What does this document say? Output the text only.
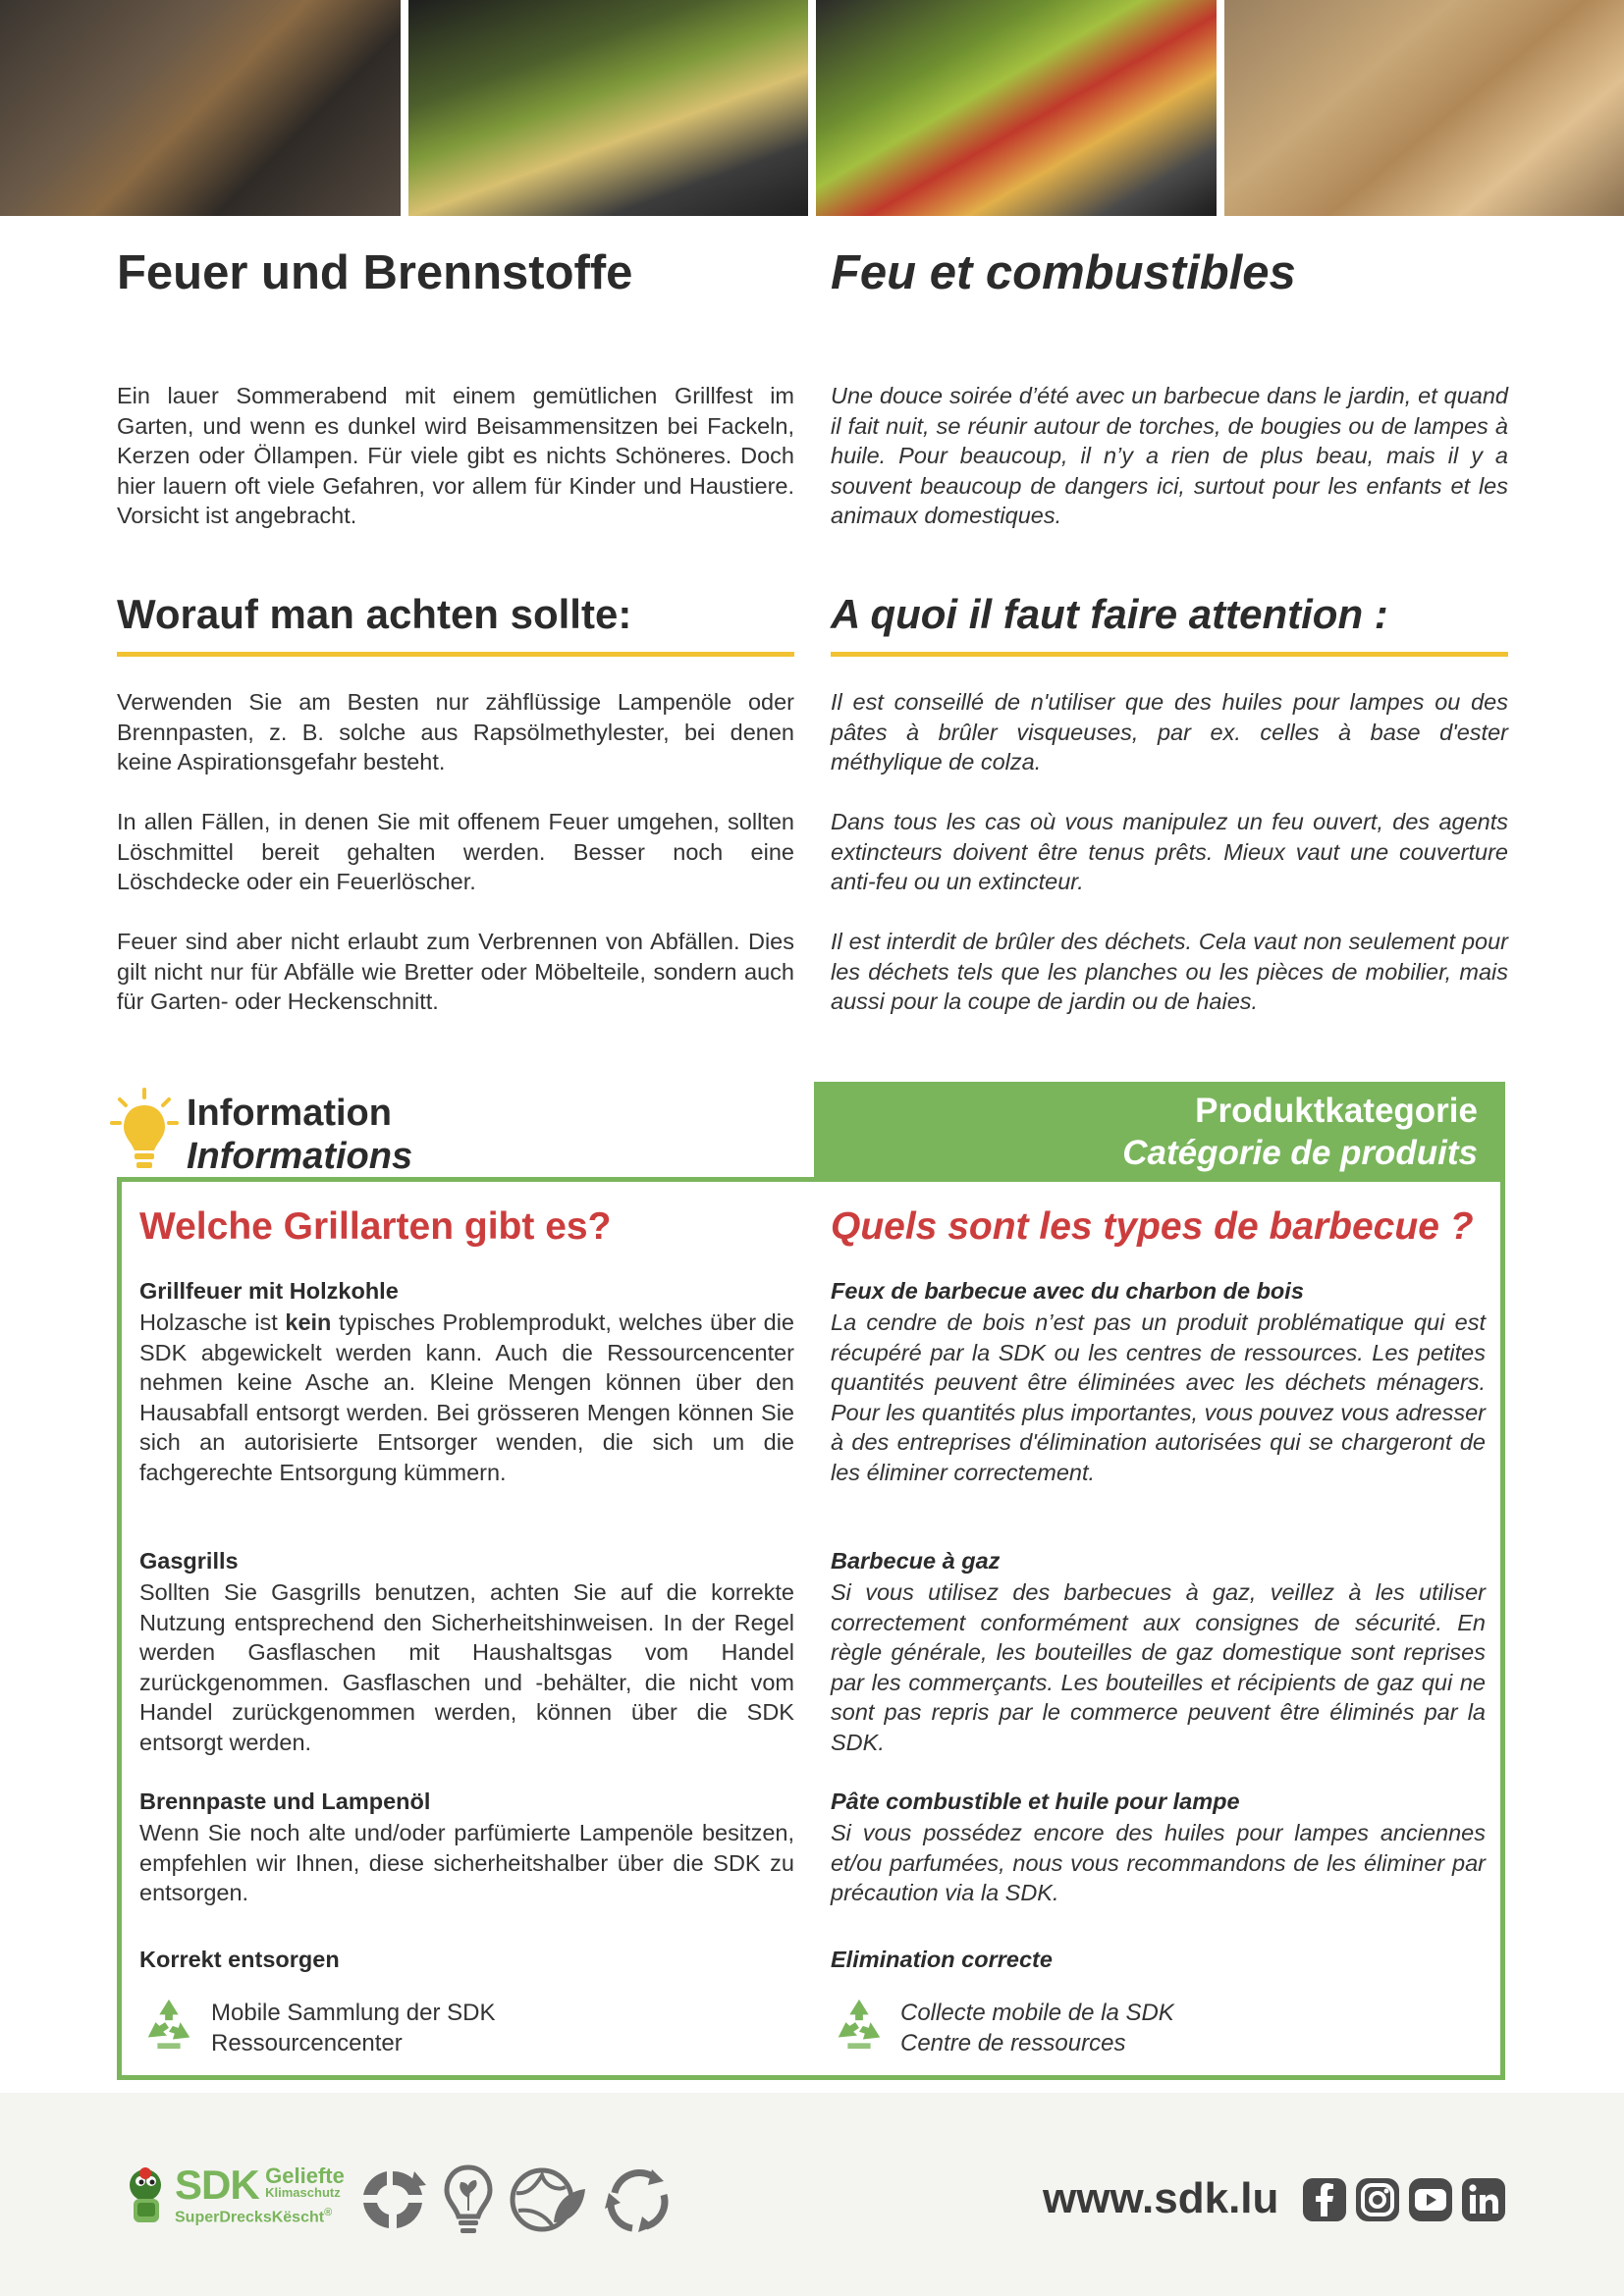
Feuer und Brennstoffe	Feu et combustibles

Ein lauer Sommerabend mit einem gemütlichen Grillfest im Garten, und wenn es dunkel wird Beisammensitzen bei Fackeln, Kerzen oder Öllampen. Für viele gibt es nichts Schöneres. Doch hier lauern oft viele Gefahren, vor allem für Kinder und Haustiere. Vorsicht ist angebracht.

Une douce soirée d’été avec un barbecue dans le jardin, et quand il fait nuit, se réunir autour de torches, de bougies ou de lampes à huile. Pour beaucoup, il n’y a rien de plus beau, mais il y a souvent beaucoup de dangers ici, surtout pour les enfants et les animaux domestiques.

Worauf man achten sollte:	A quoi il faut faire attention :

Verwenden Sie am Besten nur zähflüssige Lampenöle oder Brennpasten, z. B. solche aus Rapsölmethylester, bei denen keine Aspirationsgefahr besteht.

In allen Fällen, in denen Sie mit offenem Feuer umgehen, sollten Löschmittel bereit gehalten werden. Besser noch eine Löschdecke oder ein Feuerlöscher.

Feuer sind aber nicht erlaubt zum Verbrennen von Abfällen. Dies gilt nicht nur für Abfälle wie Bretter oder Möbelteile, sondern auch für Garten- oder Heckenschnitt.

Il est conseillé de n'utiliser que des huiles pour lampes ou des pâtes à brûler visqueuses, par ex. celles à base d'ester méthylique de colza.

Dans tous les cas où vous manipulez un feu ouvert, des agents extincteurs doivent être tenus prêts. Mieux vaut une couverture anti-feu ou un extincteur.

Il est interdit de brûler des déchets. Cela vaut non seulement pour les déchets tels que les planches ou les pièces de mobilier, mais aussi pour la coupe de jardin ou de haies.

Information
Informations
Produktkategorie
Catégorie de produits
Welche Grillarten gibt es?	Quels sont les types de barbecue ?
Grillfeuer mit Holzkohle

Holzasche ist kein typisches Problemprodukt, welches über die SDK abgewickelt werden kann. Auch die Ressourcencenter nehmen keine Asche an. Kleine Mengen können über den Hausabfall entsorgt werden. Bei grösseren Mengen können Sie sich an autorisierte Entsorger wenden, die sich um die fachgerechte Entsorgung kümmern.

Gasgrills

Sollten Sie Gasgrills benutzen, achten Sie auf die korrekte Nutzung entsprechend den Sicherheitshinweisen. In der Regel werden Gasflaschen mit Haushaltsgas vom Handel zurückgenommen. Gasflaschen und -behälter, die nicht vom Handel zurückgenommen werden, können über die SDK entsorgt werden.

Brennpaste und Lampenöl

Wenn Sie noch alte und/oder parfümierte Lampenöle besitzen, empfehlen wir Ihnen, diese sicherheitshalber über die SDK zu entsorgen.

Korrekt entsorgen
Feux de barbecue avec du charbon de bois

La cendre de bois n’est pas un produit problématique qui est récupéré par la SDK ou les centres de ressources. Les petites quantités peuvent être éliminées avec les déchets ménagers. Pour les quantités plus importantes, vous pouvez vous adresser à des entreprises d'élimination autorisées qui se chargeront de les éliminer correctement.

Barbecue à gaz

Si vous utilisez des barbecues à gaz, veillez à les utiliser correctement conformément aux consignes de sécurité. En règle générale, les bouteilles de gaz domestique sont reprises par les commerçants. Les bouteilles et récipients de gaz qui ne sont pas repris par le commerce peuvent être éliminés par la SDK.

Pâte combustible et huile pour lampe

Si vous possédez encore des huiles pour lampes anciennes et/ou parfumées, nous vous recommandons de les éliminer par précaution via la SDK.

Elimination correcte
Mobile Sammlung der SDK
Ressourcencenter
Collecte mobile de la SDK
Centre de ressources
SDK Geliefte
Klimaschutz
SuperDrecksKëscht®	www.sdk.lu
